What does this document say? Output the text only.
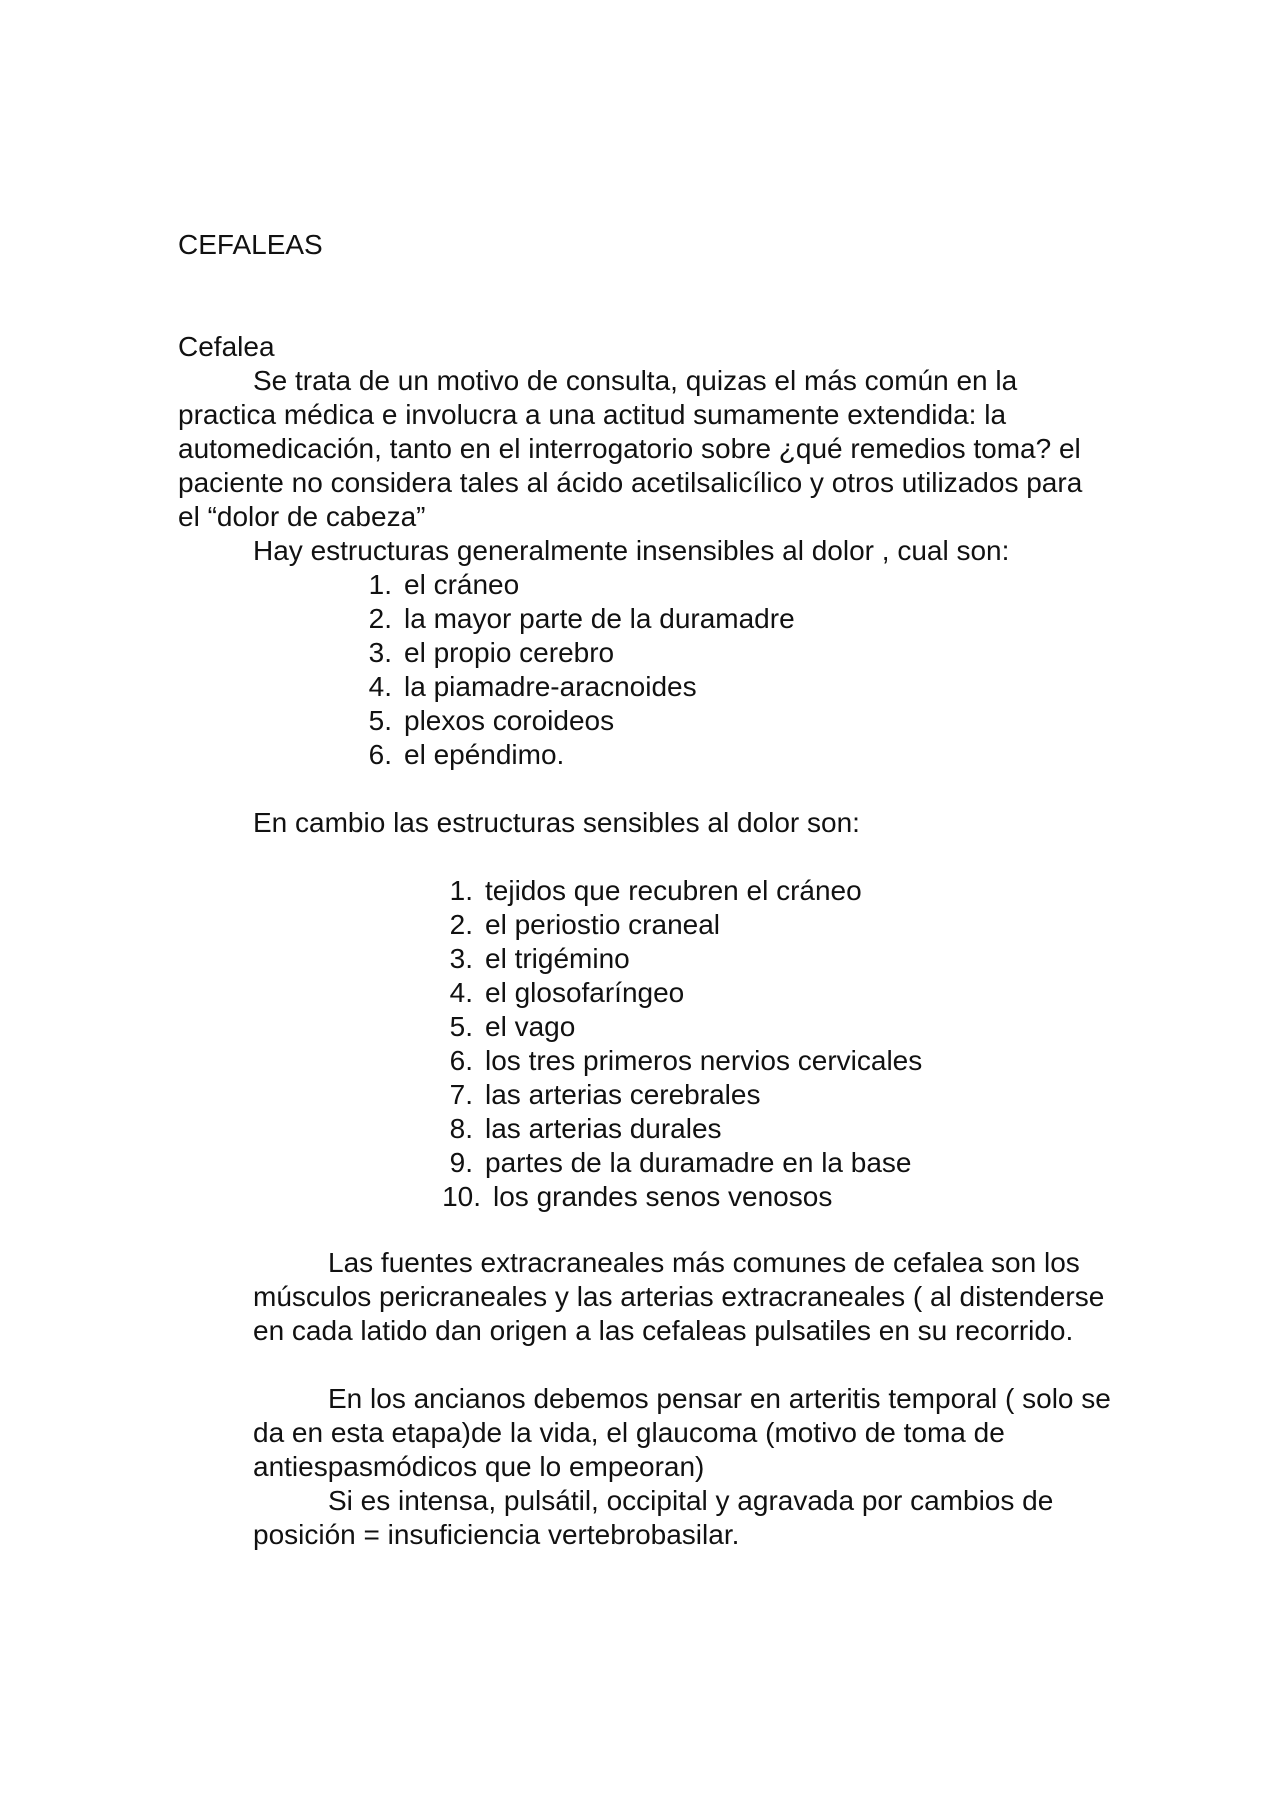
CEFALEAS

Cefalea

Se trata de un motivo de consulta, quizas el más común en la practica médica e involucra a una actitud sumamente extendida: la automedicación, tanto en el interrogatorio sobre ¿qué remedios toma? el paciente no considera tales al ácido acetilsalicílico y otros utilizados para el “dolor de cabeza”

Hay estructuras generalmente insensibles al dolor , cual son:

1. el cráneo
2. la mayor parte de la duramadre
3. el propio cerebro
4. la piamadre-aracnoides
5. plexos coroideos
6. el epéndimo.

En cambio las estructuras sensibles al dolor son:

1. tejidos que recubren el cráneo
2. el periostio craneal
3. el trigémino
4. el glosofaríngeo
5. el vago
6. los tres primeros nervios cervicales
7. las arterias cerebrales
8. las arterias durales
9. partes de la duramadre en la base
10. los grandes senos venosos

Las fuentes extracraneales más comunes de cefalea son los músculos pericraneales y las arterias extracraneales ( al distenderse en cada latido dan origen a las cefaleas pulsatiles en su recorrido.

En los ancianos debemos pensar en arteritis temporal ( solo se da en esta etapa)de la vida, el glaucoma (motivo de toma de antiespasmódicos que lo empeoran)

Si es intensa, pulsátil, occipital y agravada por cambios de posición = insuficiencia vertebrobasilar.
